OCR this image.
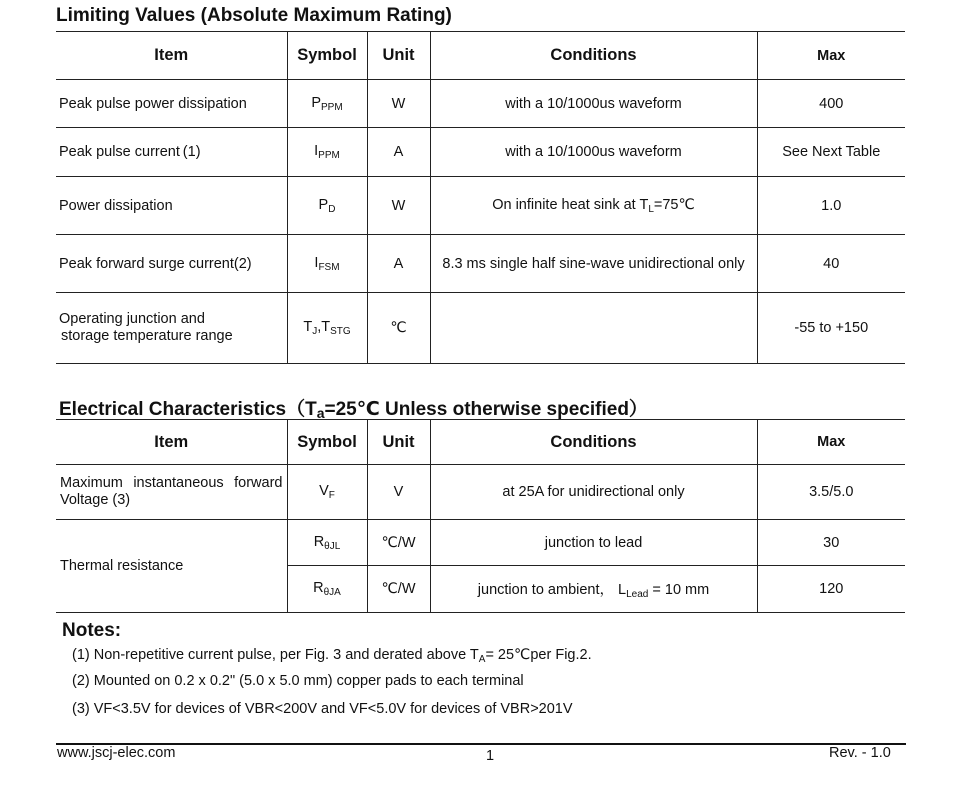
Limiting Values (Absolute Maximum Rating)
Item	Symbol	Unit	Conditions	Max
Peak pulse power dissipation	$P_{PPM}$	W	with a 10/1000us waveform	400
Peak pulse current (1)	$I_{PPM}$	A	with a 10/1000us waveform	See Next Table
Power dissipation	$P_D$	W	On infinite heat sink at $T_L=75℃$	1.0
Peak forward surge current(2)	$I_{FSM}$	A	8.3 ms single half sine-wave unidirectional only	40
Operating junction and
storage temperature range	$T_J,T_{STG}$	℃		-55 to +150
Electrical $Characteristics(T_a=25℃$ Unless otherwise specified）
Item	Symbol	Unit	Conditions	Max
Maximum instantaneous forward Voltage (3)	$V_F$	V	at 25A for unidirectional only	3.5/5.0
Thermal resistance	$R_{\theta JL}$	℃/W	junction to lead	30
	$R_{\theta JA}$	℃/W	junction to ambient， $L_{Lead} = 10$ mm	120
Notes:
(1) Non-repetitive current pulse, per Fig. 3 and derated above $T_A=$ 25℃per Fig.2.
(2) Mounted on 0.2 x 0.2" (5.0 x 5.0 mm) copper pads to each terminal
(3) VF<3.5V for devices of VBR<200V and VF<5.0V for devices of VBR>201V
www.jscj-elec.com	1	Rev. - 1.0
